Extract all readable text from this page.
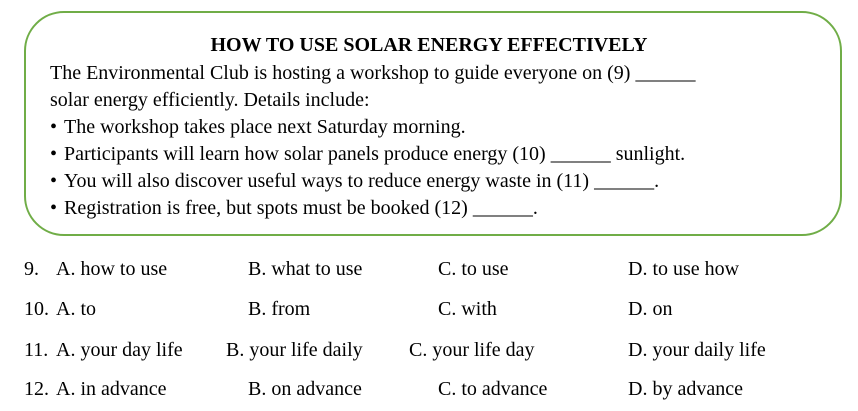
HOW TO USE SOLAR ENERGY EFFECTIVELY
The Environmental Club is hosting a workshop to guide everyone on (9) ______
solar energy efficiently. Details include:
• The workshop takes place next Saturday morning.
• Participants will learn how solar panels produce energy (10) ______ sunlight.
• You will also discover useful ways to reduce energy waste in (11) ______.
• Registration is free, but spots must be booked (12) ______.
9. A. how to use	B. what to use	C. to use	D. to use how
10. A. to	B. from	C. with	D. on
11. A. your day life B. your life daily C. your life day	D. your daily life
12. A. in advance	B. on advance	C. to advance	D. by advance
